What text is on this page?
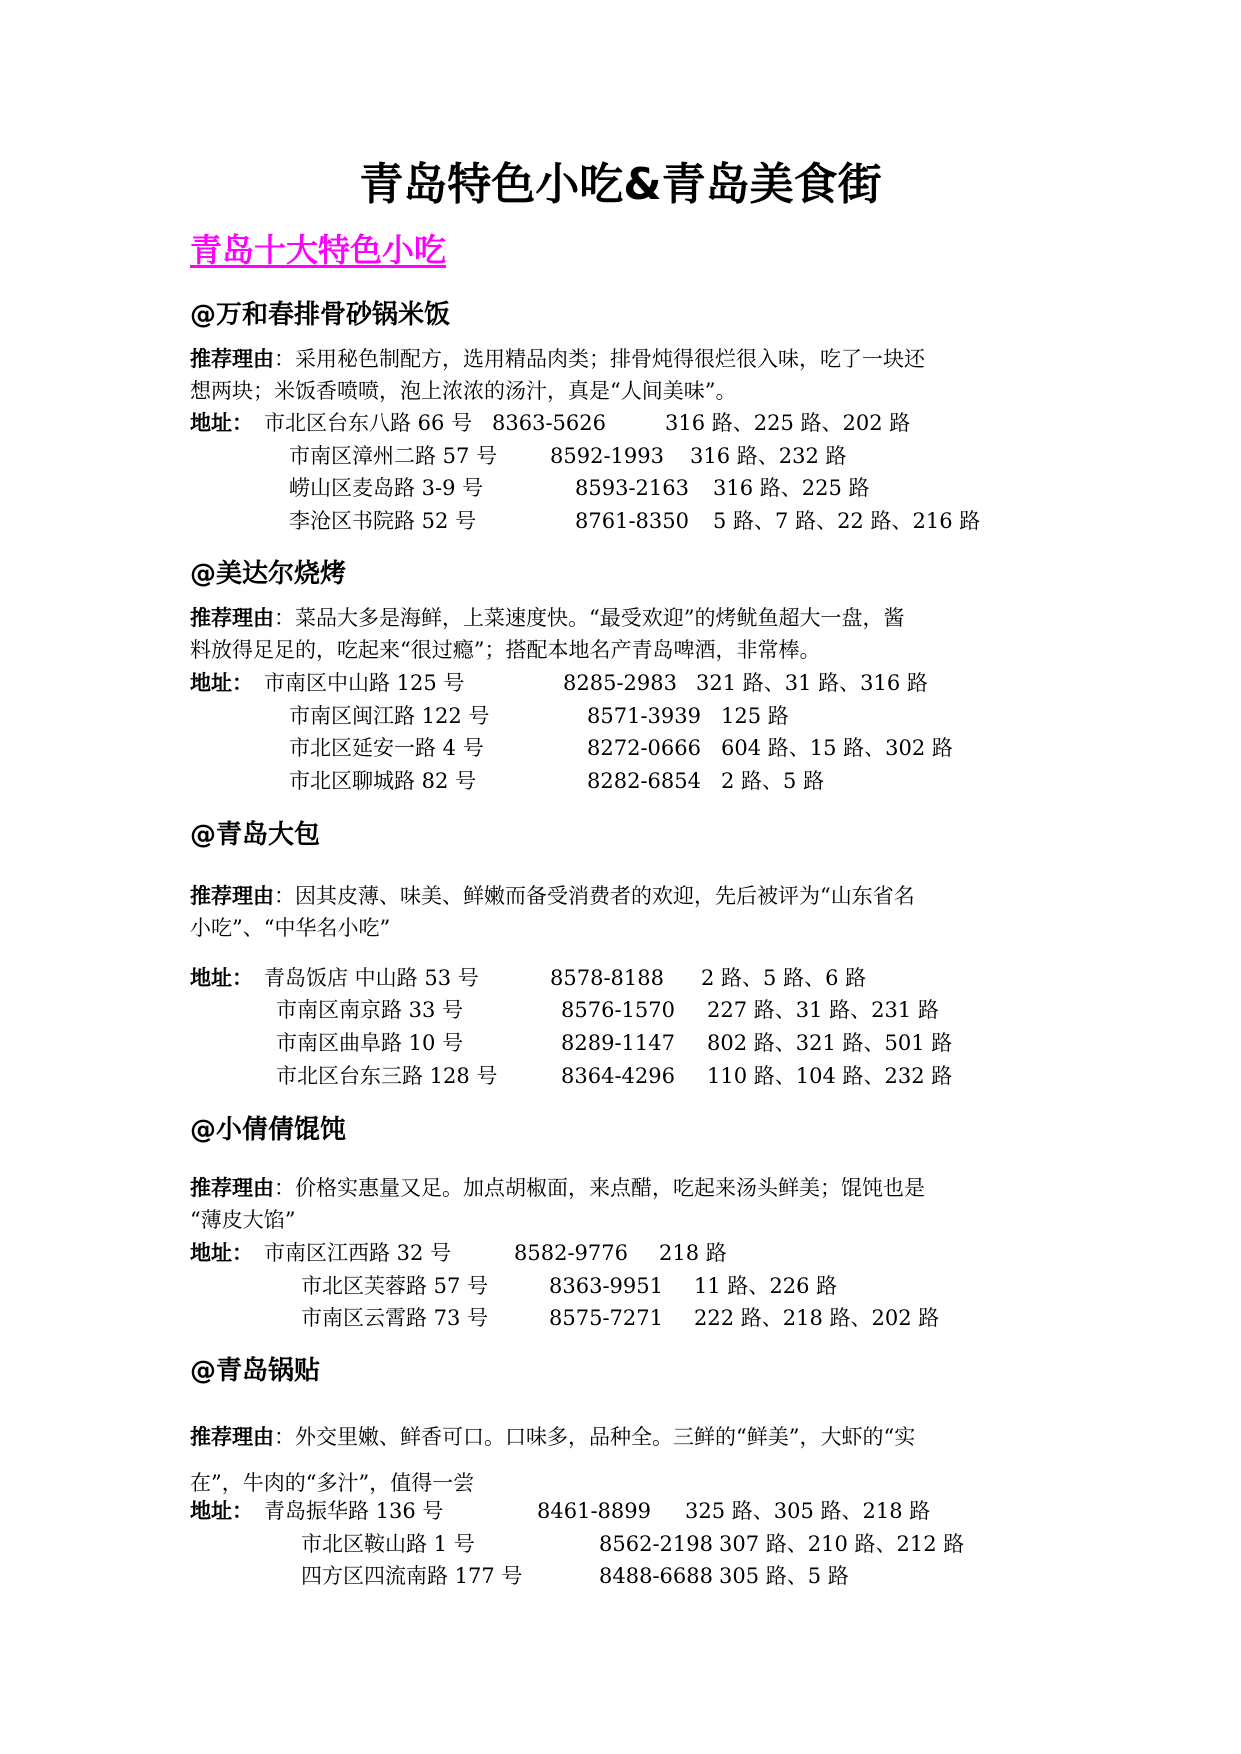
青岛特色小吃&青岛美食街
青岛十大特色小吃
@万和春排骨砂锅米饭

推荐理由：采用秘色制配方，选用精品肉类；排骨炖得很烂很入味，吃了一块还
想两块；米饭香喷喷，泡上浓浓的汤汁，真是“人间美味”。

地址： 市北区台东八路 66 号 8363-5626	316 路、225 路、202 路
市南区漳州二路 57 号	8592-1993 316 路、232 路
崂山区麦岛路 3-9 号	8593-2163 316 路、225 路
李沧区书院路 52 号	8761-8350 5 路、7 路、22 路、216 路
@美达尔烧烤

推荐理由：菜品大多是海鲜，上菜速度快。“最受欢迎”的烤鱿鱼超大一盘，酱
料放得足足的，吃起来“很过瘾”；搭配本地名产青岛啤酒，非常棒。

地址： 市南区中山路 125 号	8285-2983 321 路、31 路、316 路
市南区闽江路 122 号	8571-3939 125 路
市北区延安一路 4 号	8272-0666 604 路、15 路、302 路
市北区聊城路 82 号	8282-6854 2 路、5 路
@青岛大包

推荐理由：因其皮薄、味美、鲜嫩而备受消费者的欢迎，先后被评为“山东省名
小吃”、“中华名小吃”

地址： 青岛饭店 中山路 53 号	8578-8188 2 路、5 路、6 路
市南区南京路 33 号	8576-1570 227 路、31 路、231 路
市南区曲阜路 10 号	8289-1147 802 路、321 路、501 路
市北区台东三路 128 号	8364-4296 110 路、104 路、232 路
@小倩倩馄饨

推荐理由：价格实惠量又足。加点胡椒面，来点醋，吃起来汤头鲜美；馄饨也是
“薄皮大馅”

地址： 市南区江西路 32 号	8582-9776 218 路
市北区芙蓉路 57 号	8363-9951 11 路、226 路
市南区云霄路 73 号	8575-7271 222 路、218 路、202 路
@青岛锅贴

推荐理由：外交里嫩、鲜香可口。口味多，品种全。三鲜的“鲜美”，大虾的“实
在”，牛肉的“多汁”，值得一尝

地址： 青岛振华路 136 号	8461-8899 325 路、305 路、218 路
市北区鞍山路 1 号	8562-2198 307 路、210 路、212 路
四方区四流南路 177 号	8488-6688 305 路、5 路
